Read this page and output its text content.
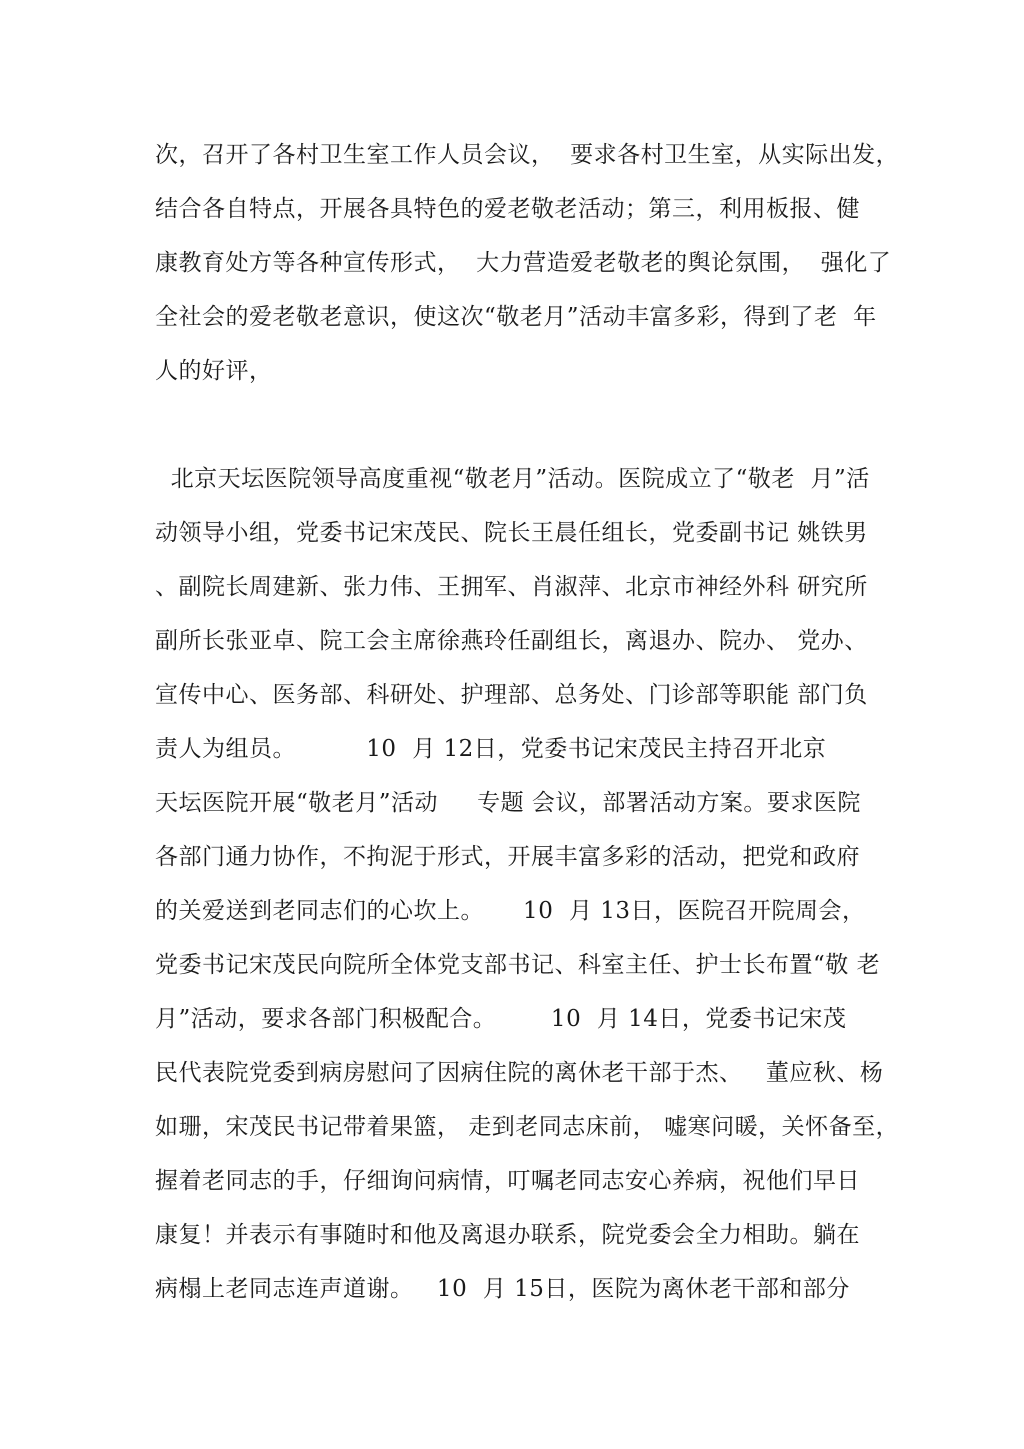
次，召开了各村卫生室工作人员会议，  要求各村卫生室，从实际出发，
结合各自特点，开展各具特色的爱老敬老活动；第三，利用板报、健
康教育处方等各种宣传形式，  大力营造爱老敬老的舆论氛围，  强化了
全社会的爱老敬老意识，使这次“敬老月”活动丰富多彩，得到了老  年
人的好评，
北京天坛医院领导高度重视“敬老月”活动。医院成立了“敬老  月”活
动领导小组，党委书记宋茂民、院长王晨任组长，党委副书记 姚铁男
、副院长周建新、张力伟、王拥军、肖淑萍、北京市神经外科 研究所
副所长张亚卓、院工会主席徐燕玲任副组长，离退办、院办、 党办、
宣传中心、医务部、科研处、护理部、总务处、门诊部等职能 部门负
责人为组员。         10  月 12日，党委书记宋茂民主持召开北京
天坛医院开展“敬老月”活动     专题 会议，部署活动方案。要求医院
各部门通力协作，不拘泥于形式，开展丰富多彩的活动，把党和政府
的关爱送到老同志们的心坎上。     10  月 13日，医院召开院周会，
党委书记宋茂民向院所全体党支部书记、科室主任、护士长布置“敬 老
月”活动，要求各部门积极配合。       10  月 14日，党委书记宋茂
民代表院党委到病房慰问了因病住院的离休老干部于杰、   董应秋、杨
如珊，宋茂民书记带着果篮， 走到老同志床前， 嘘寒问暖，关怀备至，
握着老同志的手，仔细询问病情，叮嘱老同志安心养病，祝他们早日
康复！并表示有事随时和他及离退办联系，院党委会全力相助。躺在
病榻上老同志连声道谢。   10  月 15日，医院为离休老干部和部分
